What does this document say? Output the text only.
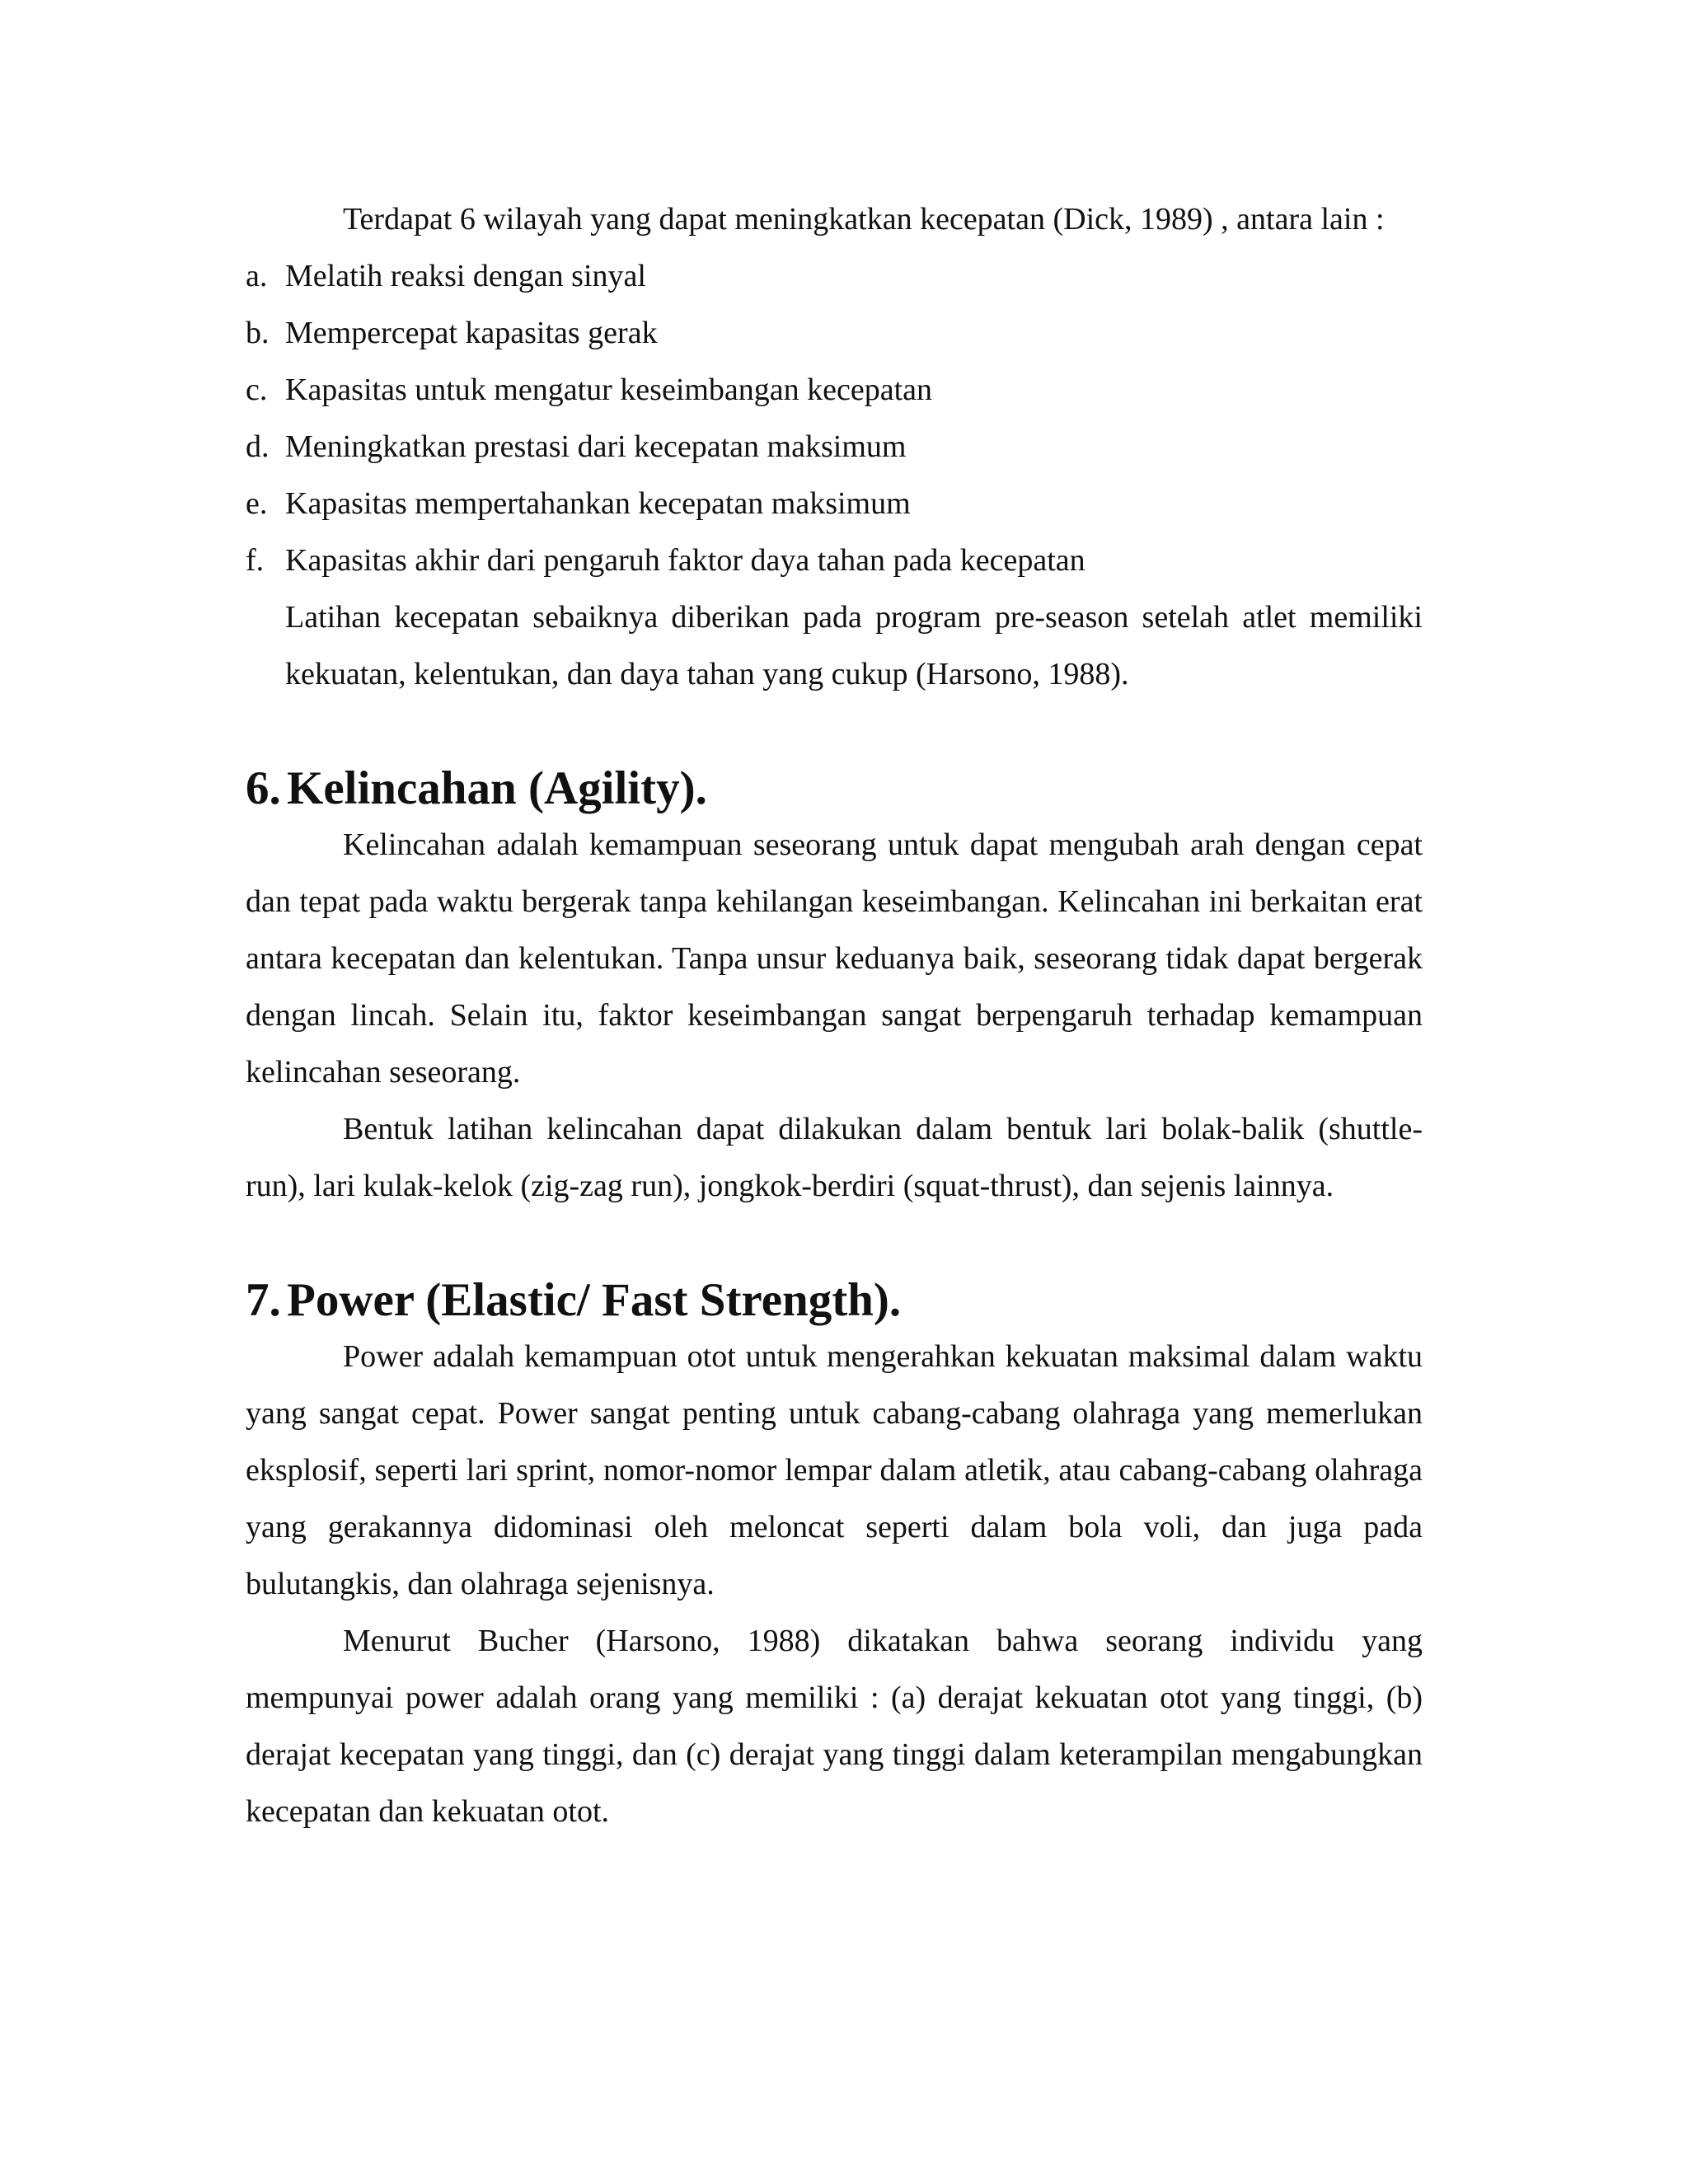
Terdapat 6 wilayah yang dapat meningkatkan kecepatan (Dick, 1989) , antara lain :

a. Melatih reaksi dengan sinyal
b. Mempercepat kapasitas gerak
c. Kapasitas untuk mengatur keseimbangan kecepatan
d. Meningkatkan prestasi dari kecepatan maksimum
e. Kapasitas mempertahankan kecepatan maksimum
f. Kapasitas akhir dari pengaruh faktor daya tahan pada kecepatan

Latihan kecepatan sebaiknya diberikan pada program pre-season setelah atlet memiliki kekuatan, kelentukan, dan daya tahan yang cukup (Harsono, 1988).

6. Kelincahan (Agility).

Kelincahan adalah kemampuan seseorang untuk dapat mengubah arah dengan cepat dan tepat pada waktu bergerak tanpa kehilangan keseimbangan. Kelincahan ini berkaitan erat antara kecepatan dan kelentukan. Tanpa unsur keduanya baik, seseorang tidak dapat bergerak dengan lincah. Selain itu, faktor keseimbangan sangat berpengaruh terhadap kemampuan kelincahan seseorang.

Bentuk latihan kelincahan dapat dilakukan dalam bentuk lari bolak-balik (shuttle-run), lari kulak-kelok (zig-zag run), jongkok-berdiri (squat-thrust), dan sejenis lainnya.

7. Power (Elastic/ Fast Strength).

Power adalah kemampuan otot untuk mengerahkan kekuatan maksimal dalam waktu yang sangat cepat. Power sangat penting untuk cabang-cabang olahraga yang memerlukan eksplosif, seperti lari sprint, nomor-nomor lempar dalam atletik, atau cabang-cabang olahraga yang gerakannya didominasi oleh meloncat seperti dalam bola voli, dan juga pada bulutangkis, dan olahraga sejenisnya.

Menurut Bucher (Harsono, 1988) dikatakan bahwa seorang individu yang mempunyai power adalah orang yang memiliki : (a) derajat kekuatan otot yang tinggi, (b) derajat kecepatan yang tinggi, dan (c) derajat yang tinggi dalam keterampilan mengabungkan kecepatan dan kekuatan otot.
